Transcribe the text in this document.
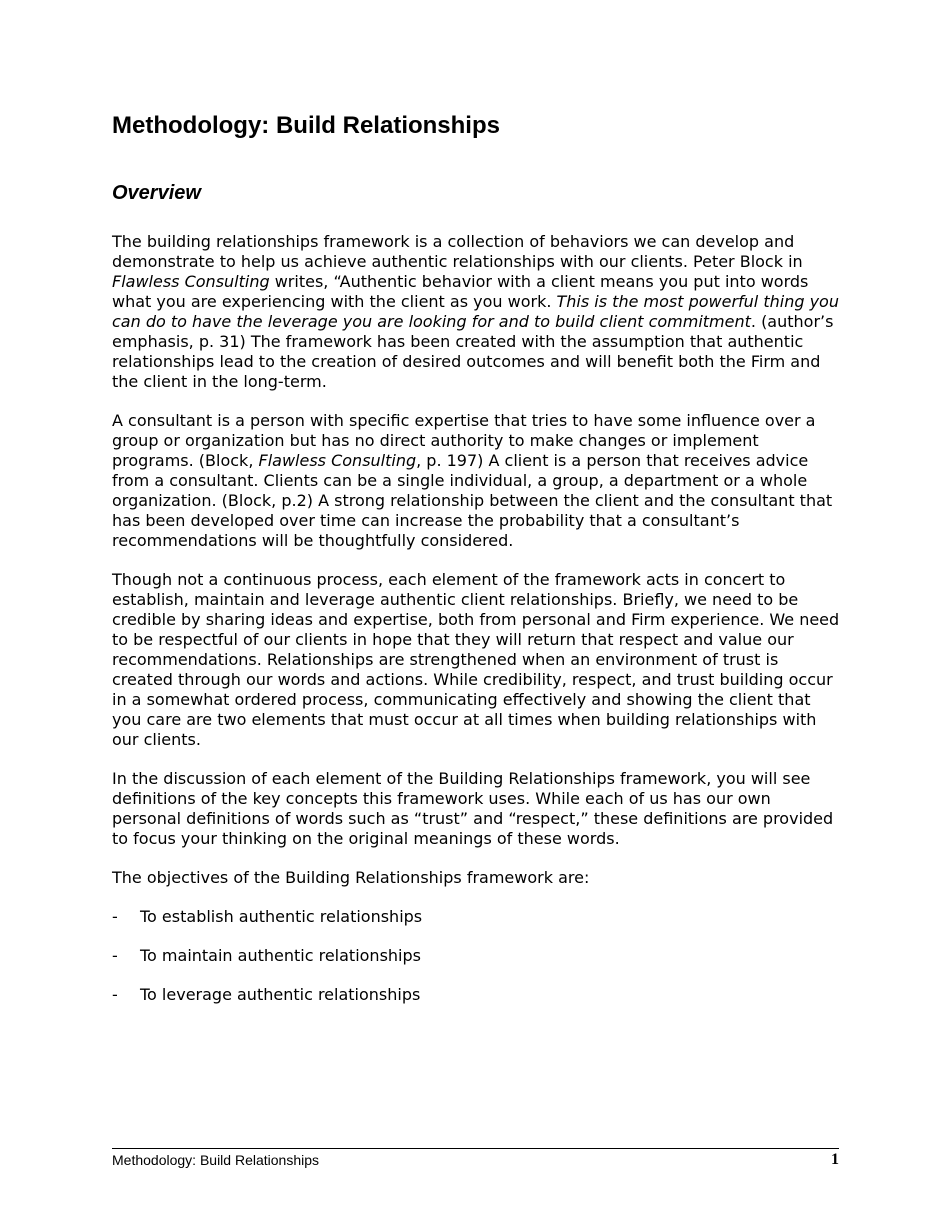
Methodology: Build Relationships
Overview

The building relationships framework is a collection of behaviors we can develop and demonstrate to help us achieve authentic relationships with our clients. Peter Block in Flawless Consulting writes, “Authentic behavior with a client means you put into words what you are experiencing with the client as you work. This is the most powerful thing you can do to have the leverage you are looking for and to build client commitment. (author’s emphasis, p. 31) The framework has been created with the assumption that authentic relationships lead to the creation of desired outcomes and will benefit both the Firm and the client in the long-term.

A consultant is a person with specific expertise that tries to have some influence over a group or organization but has no direct authority to make changes or implement programs. (Block, Flawless Consulting, p. 197) A client is a person that receives advice from a consultant. Clients can be a single individual, a group, a department or a whole organization. (Block, p.2) A strong relationship between the client and the consultant that has been developed over time can increase the probability that a consultant’s recommendations will be thoughtfully considered.

Though not a continuous process, each element of the framework acts in concert to establish, maintain and leverage authentic client relationships. Briefly, we need to be credible by sharing ideas and expertise, both from personal and Firm experience. We need to be respectful of our clients in hope that they will return that respect and value our recommendations. Relationships are strengthened when an environment of trust is created through our words and actions. While credibility, respect, and trust building occur in a somewhat ordered process, communicating effectively and showing the client that you care are two elements that must occur at all times when building relationships with our clients.

In the discussion of each element of the Building Relationships framework, you will see definitions of the key concepts this framework uses. While each of us has our own personal definitions of words such as “trust” and “respect,” these definitions are provided to focus your thinking on the original meanings of these words.

The objectives of the Building Relationships framework are:

-	To establish authentic relationships
-	To maintain authentic relationships
-	To leverage authentic relationships
Methodology: Build Relationships	1
